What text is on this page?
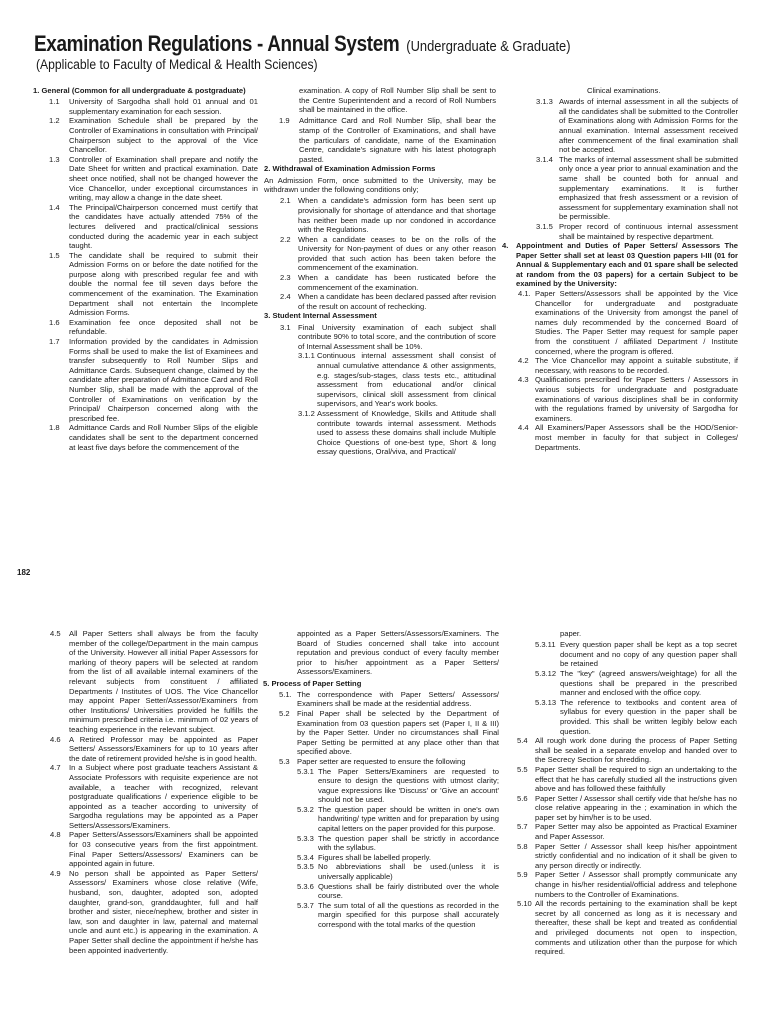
Examination Regulations - Annual System (Undergraduate & Graduate)
(Applicable to Faculty of Medical & Health Sciences)

1. General (Common for all undergraduate & postgraduate)

1.1	University of Sargodha shall hold 01 annual and 01 supplementary examination for each session.
1.2	Examination Schedule shall be prepared by the Controller of Examinations in consultation with Principal/ Chairperson subject to the approval of the Vice Chancellor.
1.3	Controller of Examination shall prepare and notify the Date Sheet for written and practical examination. Date sheet once notified, shall not be changed however the Vice Chancellor, under exceptional circumstances in writing, may allow a change in the date sheet.
1.4	The Principal/Chairperson concerned must certify that the candidates have actually attended 75% of the lectures delivered and practical/clinical sessions conducted during the academic year in each subject taught.
1.5	The candidate shall be required to submit their Admission Forms on or before the date notified for the purpose along with prescribed regular fee and with double the normal fee till seven days before the commencement of the examination. The Examination Department shall not entertain the Incomplete Admission Forms.
1.6	Examination fee once deposited shall not be refundable.
1.7	Information provided by the candidates in Admission Forms shall be used to make the list of Examinees and transfer subsequently to Roll Number Slips and Admittance Cards. Subsequent change, claimed by the candidate after preparation of Admittance Card and Roll Number Slip, shall be made with the approval of the Controller of Examinations on verification by the Principal/ Chairperson concerned along with the prescribed fee.
1.8	Admittance Cards and Roll Number Slips of the eligible candidates shall be sent to the department concerned at least five days before the commencement of the

examination. A copy of Roll Number Slip shall be sent to the Centre Superintendent and a record of Roll Numbers shall be maintained in the office.

1.9	Admittance Card and Roll Number Slip, shall bear the stamp of the Controller of Examinations, and shall have the particulars of candidate, name of the Examination Centre, candidate's signature with his latest photograph pasted.

2. Withdrawal of Examination Admission Forms

An Admission Form, once submitted to the University, may be withdrawn under the following conditions only;

2.1 When a candidate's admission form has been sent up provisionally for shortage of attendance and that shortage has neither been made up nor condoned in accordance with the Regulations.
2.2 When a candidate ceases to be on the rolls of the University for Non-payment of dues or any other reason provided that such action has been taken before the commencement of the examination.
2.3 When a candidate has been rusticated before the commencement of the examination.
2.4 When a candidate has been declared passed after revision of the result on account of rechecking.

3. Student Internal Assessment

3.1 Final University examination of each subject shall contribute 90% to total score, and the contribution of score of Internal Assessment shall be 10%.
3.1.1 Continuous internal assessment shall consist of annual cumulative attendance & other assignments, e.g. stages/sub-stages, class tests etc., attitudinal assessment from educational and/or clinical supervisors, clinical skill assessment from clinical supervisors, and Year's work books.
3.1.2 Assessment of Knowledge, Skills and Attitude shall contribute towards internal assessment. Methods used to assess these domains shall include Multiple Choice Questions of one-best type, Short & long essay questions, Oral/viva, and Practical/

Clinical examinations.

3.1.3 Awards of internal assessment in all the subjects of all the candidates shall be submitted to the Controller of Examinations along with Admission Forms for the annual examination. Internal assessment received after commencement of the final examination shall not be accepted.
3.1.4 The marks of internal assessment shall be submitted only once a year prior to annual examination and the same shall be counted both for annual and supplementary examinations. It is further emphasized that fresh assessment or a revision of assessment for supplementary examination shall not be permissible.
3.1.5 Proper record of continuous internal assessment shall be maintained by respective department.
4.	Appointment and Duties of Paper Setters/ Assessors The Paper Setter shall set at least 03 Question papers I-III (01 for Annual & Supplementary each and 01 spare shall be selected at random from the 03 papers) for a certain Subject to be examined by the University:
4.1. Paper Setters/Assessors shall be appointed by the Vice Chancellor for undergraduate and postgraduate examinations of the University from amongst the panel of names duly recommended by the concerned Board of Studies. The Paper Setter may request for sample paper from the constituent / affiliated Department / Institute concerned, where the program is offered.
4.2 The Vice Chancellor may appoint a suitable substitute, if necessary, with reasons to be recorded.
4.3 Qualifications prescribed for Paper Setters / Assessors in various subjects for undergraduate and postgraduate examinations of various disciplines shall be in conformity with the regulations framed by university of Sargodha for examiners.
4.4 All Examiners/Paper Assessors shall be the HOD/Senior-most member in faculty for that subject in Colleges/ Departments.
182
4.5	All Paper Setters shall always be from the faculty member of the college/Department in the main campus of the University. However all initial Paper Assessors for marking of theory papers will be selected at random from the list of all available internal examiners of the relevant subjects from constituent / affiliated Departments / Institutes of UOS. The Vice Chancellor may appoint Paper Setter/Assessor/Examiners from other Institutions/ Universities provided he fulfills the minimum prescribed criteria i.e. minimum of 02 years of teaching experience in the relevant subject.
4.6	A Retired Professor may be appointed as Paper Setters/ Assessors/Examiners for up to 10 years after the date of retirement provided he/she is in good health.
4.7	In a Subject where post graduate teachers Assistant & Associate Professors with requisite experience are not available, a teacher with recognized, relevant postgraduate qualifications / experience eligible to be appointed as a teacher according to university of Sargodha regulations may be appointed as a Paper Setters/Assessors/Examiners.
4.8	Paper Setters/Assessors/Examiners shall be appointed for 03 consecutive years from the first appointment. Final Paper Setters/Assessors/ Examiners can be appointed again in future.
4.9	No person shall be appointed as Paper Setters/ Assessors/ Examiners whose close relative (Wife, husband, son, daughter, adopted son, adopted daughter, grand-son, granddaughter, full and half brother and sister, niece/nephew, brother and sister in law, son and daughter in law, paternal and maternal uncle and aunt etc.) is appearing in the examination. A Paper Setter shall decline the appointment if he/she has been appointed inadvertently.

appointed as a Paper Setters/Assessors/Examiners. The Board of Studies concerned shall take into account reputation and previous conduct of every faculty member prior to his/her appointment as a Paper Setters/ Assessors/Examiners.

5. Process of Paper Setting

5.1. The correspondence with Paper Setters/ Assessors/ Examiners shall be made at the residential address.
5.2 Final Paper shall be selected by the Department of Examination from 03 question papers set (Paper I, II & III) by the Paper Setter. Under no circumstances shall Final Paper Setting be permitted at any place other than that specified above.
5.3 Paper setter are requested to ensure the following
5.3.1 The Paper Setters/Examiners are requested to ensure to design the questions with utmost clarity; vague expressions like 'Discuss' or 'Give an account' should not be used.
5.3.2 The question paper should be written in one's own handwriting/ type written and for preparation by using capital letters on the paper provided for this purpose.
5.3.3 The question paper shall be strictly in accordance with the syllabus.
5.3.4 Figures shall be labelled properly.
5.3.5 No abbreviations shall be used.(unless it is universally applicable)
5.3.6 Questions shall be fairly distributed over the whole course.
5.3.7 The sum total of all the questions as recorded in the margin specified for this purpose shall accurately correspond with the total marks of the question

paper.

5.3.11 Every question paper shall be kept as a top secret document and no copy of any question paper shall be retained
5.3.12 The "key" (agreed answers/weightage) for all the questions shall be prepared in the prescribed manner and enclosed with the office copy.
5.3.13 The reference to textbooks and content area of syllabus for every question in the paper shall be provided. This shall be written legibly below each question.
5.4 All rough work done during the process of Paper Setting shall be sealed in a separate envelop and handed over to the Secrecy Section for shredding.
5.5 Paper Setter shall be required to sign an undertaking to the effect that he has carefully studied all the instructions given above and has followed these faithfully
5.6 Paper Setter / Assessor shall certify vide that he/she has no close relative appearing in the ; examination in which the paper set by him/her is to be used.
5.7 Paper Setter may also be appointed as Practical Examiner and Paper Assessor.
5.8 Paper Setter / Assessor shall keep his/her appointment strictly confidential and no indication of it shall be given to any person directly or indirectly.
5.9 Paper Setter / Assessor shall promptly communicate any change in his/her residential/official address and telephone numbers to the Controller of Examinations.
5.10 All the records pertaining to the examination shall be kept secret by all concerned as long as it is necessary and thereafter, these shall be kept and treated as confidential and privileged documents not open to inspection, comments and utilization other than the purpose for which required.
